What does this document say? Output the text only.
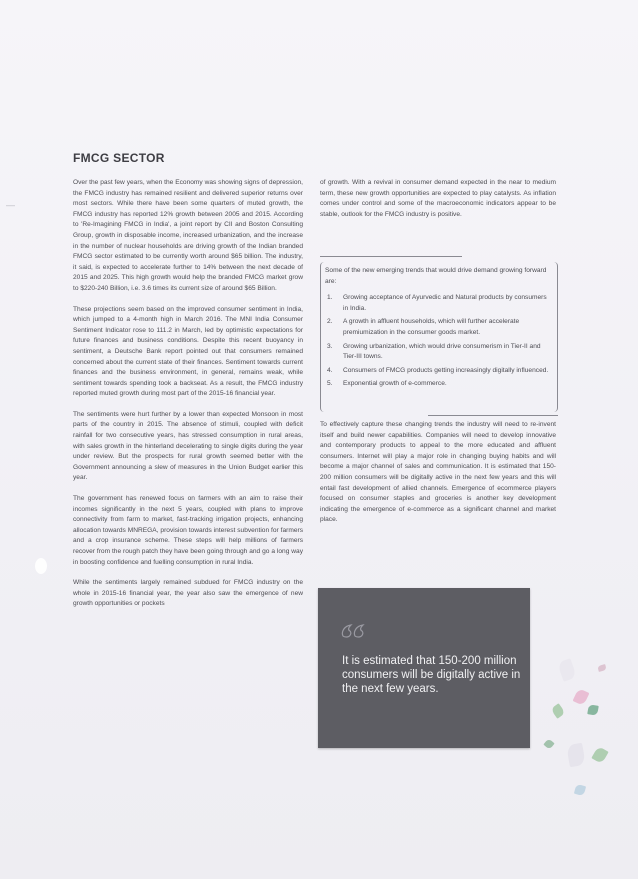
—
FMCG SECTOR

Over the past few years, when the Economy was showing signs of depression, the FMCG industry has remained resilient and delivered superior returns over most sectors. While there have been some quarters of muted growth, the FMCG industry has reported 12% growth between 2005 and 2015. According to 'Re-Imagining FMCG in India', a joint report by CII and Boston Consulting Group, growth in disposable income, increased urbanization, and the increase in the number of nuclear households are driving growth of the Indian branded FMCG sector estimated to be currently worth around $65 billion. The industry, it said, is expected to accelerate further to 14% between the next decade of 2015 and 2025. This high growth would help the branded FMCG market grow to $220-240 Billion, i.e. 3.6 times its current size of around $65 Billion.

These projections seem based on the improved consumer sentiment in India, which jumped to a 4-month high in March 2016. The MNI India Consumer Sentiment Indicator rose to 111.2 in March, led by optimistic expectations for future finances and business conditions. Despite this recent buoyancy in sentiment, a Deutsche Bank report pointed out that consumers remained concerned about the current state of their finances. Sentiment towards current finances and the business environment, in general, remains weak, while sentiment towards spending took a backseat. As a result, the FMCG industry reported muted growth during most part of the 2015-16 financial year.

The sentiments were hurt further by a lower than expected Monsoon in most parts of the country in 2015. The absence of stimuli, coupled with deficit rainfall for two consecutive years, has stressed consumption in rural areas, with sales growth in the hinterland decelerating to single digits during the year under review. But the prospects for rural growth seemed better with the Government announcing a slew of measures in the Union Budget earlier this year.

The government has renewed focus on farmers with an aim to raise their incomes significantly in the next 5 years, coupled with plans to improve connectivity from farm to market, fast-tracking irrigation projects, enhancing allocation towards MNREGA, provision towards interest subvention for farmers and a crop insurance scheme. These steps will help millions of farmers recover from the rough patch they have been going through and go a long way in boosting confidence and fuelling consumption in rural India.

While the sentiments largely remained subdued for FMCG industry on the whole in 2015-16 financial year, the year also saw the emergence of new growth opportunities or pockets

of growth. With a revival in consumer demand expected in the near to medium term, these new growth opportunities are expected to play catalysts. As inflation comes under control and some of the macroeconomic indicators appear to be stable, outlook for the FMCG industry is positive.

Some of the new emerging trends that would drive demand growing forward are:
1. Growing acceptance of Ayurvedic and Natural products by consumers in India.
2. A growth in affluent households, which will further accelerate premiumization in the consumer goods market.
3. Growing urbanization, which would drive consumerism in Tier-II and Tier-III towns.
4. Consumers of FMCG products getting increasingly digitally influenced.
5. Exponential growth of e-commerce.

To effectively capture these changing trends the industry will need to re-invent itself and build newer capabilities. Companies will need to develop innovative and contemporary products to appeal to the more educated and affluent consumers. Internet will play a major role in changing buying habits and will become a major channel of sales and communication. It is estimated that 150-200 million consumers will be digitally active in the next few years and this will entail fast development of allied channels. Emergence of ecommerce players focused on consumer staples and groceries is another key development indicating the emergence of e-commerce as a significant channel and market place.

It is estimated that 150-200 million consumers will be digitally active in the next few years.
